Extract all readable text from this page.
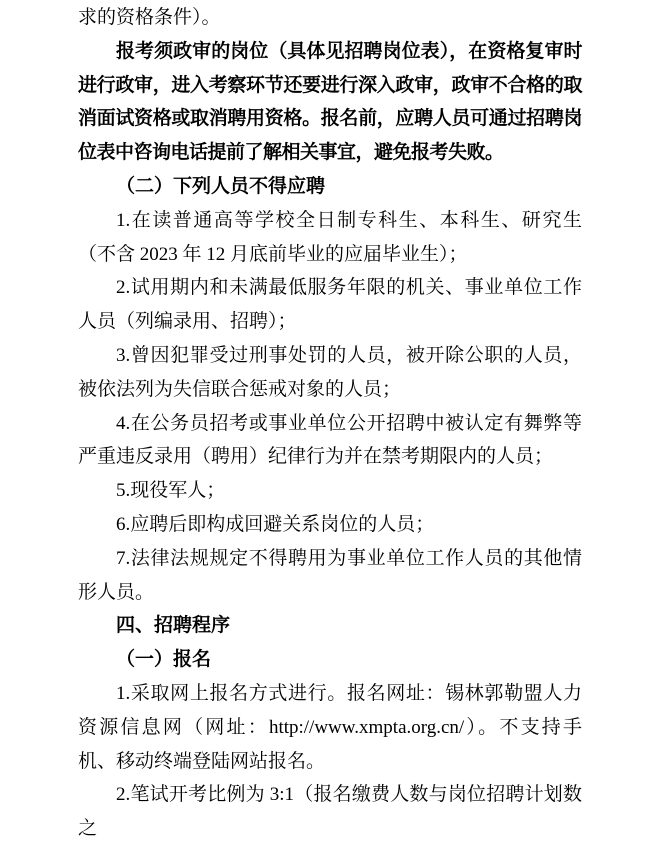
求的资格条件）。

报考须政审的岗位（具体见招聘岗位表），在资格复审时进行政审，进入考察环节还要进行深入政审，政审不合格的取消面试资格或取消聘用资格。报名前，应聘人员可通过招聘岗位表中咨询电话提前了解相关事宜，避免报考失败。

（二）下列人员不得应聘

1.在读普通高等学校全日制专科生、本科生、研究生（不含 2023 年 12 月底前毕业的应届毕业生）；

2.试用期内和未满最低服务年限的机关、事业单位工作人员（列编录用、招聘）；

3.曾因犯罪受过刑事处罚的人员，被开除公职的人员，被依法列为失信联合惩戒对象的人员；

4.在公务员招考或事业单位公开招聘中被认定有舞弊等严重违反录用（聘用）纪律行为并在禁考期限内的人员；

5.现役军人；

6.应聘后即构成回避关系岗位的人员；

7.法律法规规定不得聘用为事业单位工作人员的其他情形人员。

四、招聘程序

（一）报名

1.采取网上报名方式进行。报名网址：锡林郭勒盟人力资源信息网（网址：http://www.xmpta.org.cn/）。不支持手机、移动终端登陆网站报名。

2.笔试开考比例为 3:1（报名缴费人数与岗位招聘计划数之
